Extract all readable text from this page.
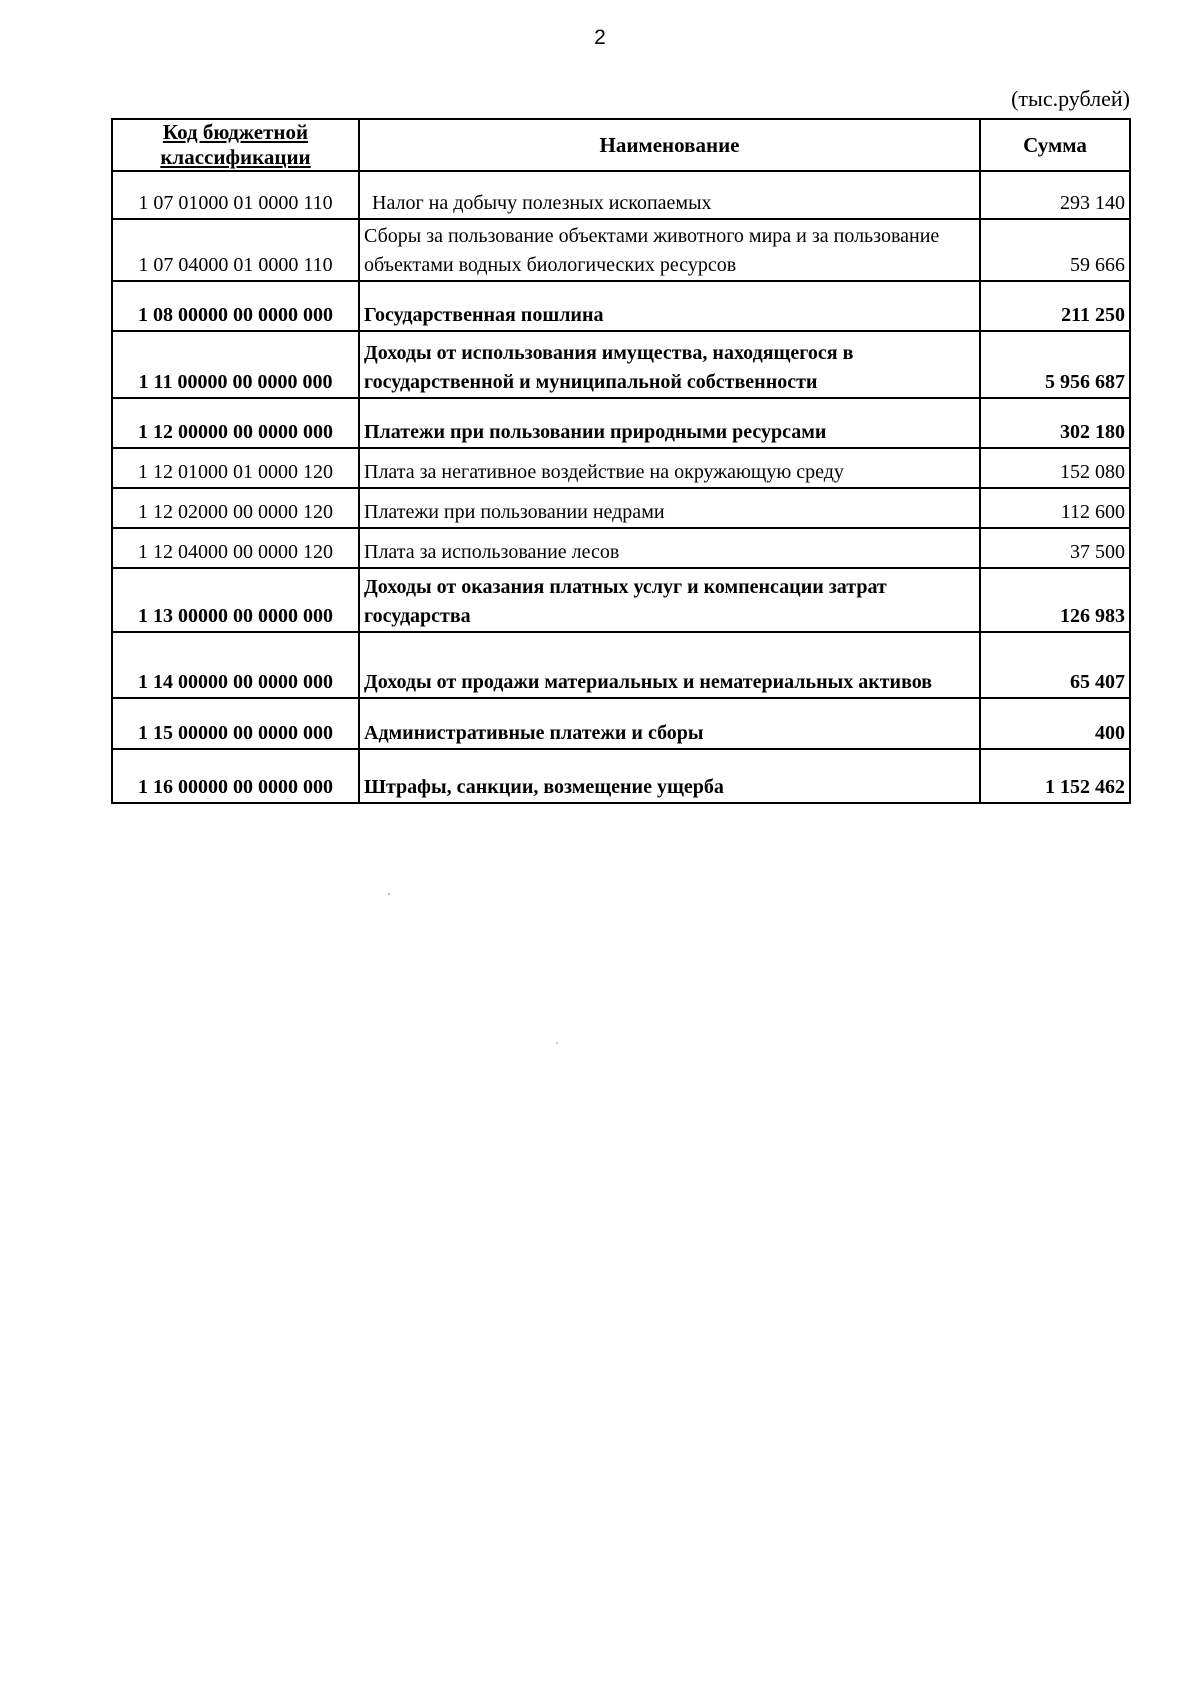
2
(тыс.рублей)
Код бюджетной классификации	Наименование	Сумма
1 07 01000 01 0000 110	Налог на добычу полезных ископаемых	293 140
1 07 04000 01 0000 110	Сборы за пользование объектами животного мира и за пользование объектами водных биологических ресурсов	59 666
1 08 00000 00 0000 000	Государственная пошлина	211 250
1 11 00000 00 0000 000	Доходы от использования имущества, находящегося в государственной и муниципальной собственности	5 956 687
1 12 00000 00 0000 000	Платежи при пользовании природными ресурсами	302 180
1 12 01000 01 0000 120	Плата за негативное воздействие на окружающую среду	152 080
1 12 02000 00 0000 120	Платежи при пользовании недрами	112 600
1 12 04000 00 0000 120	Плата за использование лесов	37 500
1 13 00000 00 0000 000	Доходы от оказания платных услуг и компенсации затрат государства	126 983
1 14 00000 00 0000 000	Доходы от продажи материальных и нематериальных активов	65 407
1 15 00000 00 0000 000	Административные платежи и сборы	400
1 16 00000 00 0000 000	Штрафы, санкции, возмещение ущерба	1 152 462
